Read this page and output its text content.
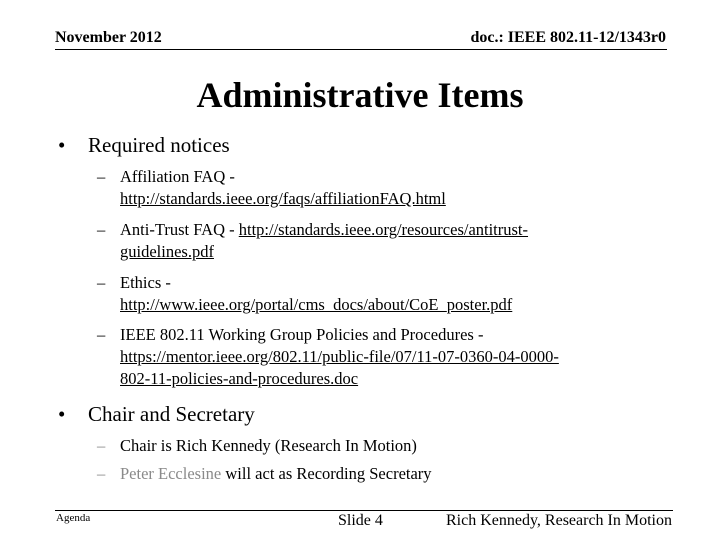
November 2012	doc.: IEEE 802.11-12/1343r0
Administrative Items
• Required notices
– Affiliation FAQ -
http://standards.ieee.org/faqs/affiliationFAQ.html
– Anti-Trust FAQ - http://standards.ieee.org/resources/antitrust-
guidelines.pdf
– Ethics -
http://www.ieee.org/portal/cms_docs/about/CoE_poster.pdf
– IEEE 802.11 Working Group Policies and Procedures -
https://mentor.ieee.org/802.11/public-file/07/11-07-0360-04-0000-
802-11-policies-and-procedures.doc
• Chair and Secretary
– Chair is Rich Kennedy (Research In Motion)
– Peter Ecclesine will act as Recording Secretary
Agenda	Slide 4	Rich Kennedy, Research In Motion
